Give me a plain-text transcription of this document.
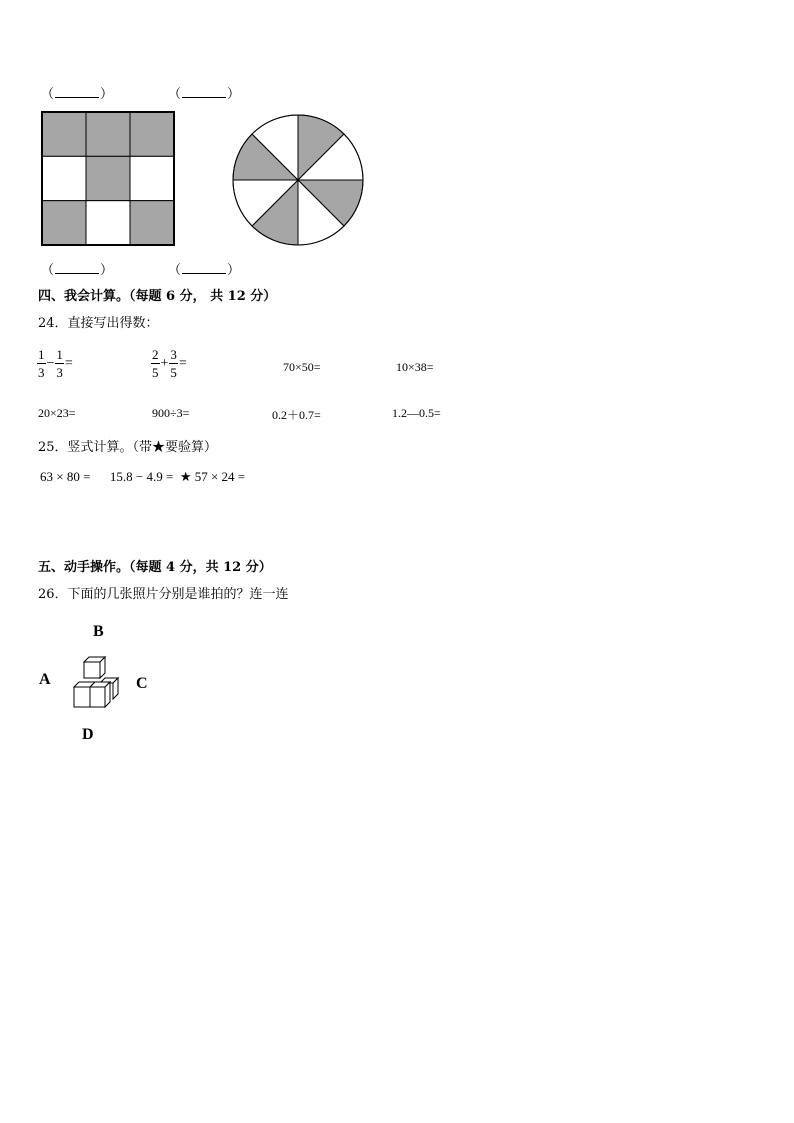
（	）	（	）
（	）	（	）
四、我会计算。（每题 6 分， 共 12 分）
24．直接写出得数：
$\frac{1}{3} - \frac{1}{3}$ =	$\frac{2}{5} + \frac{3}{5}$ =	70×50=	10×38=
20×23=	900÷3=	0.2＋0.7=	1.2—0.5=
25．竖式计算。（带★要验算）
63 × 80 =      15.8 − 4.9 =  ★ 57 × 24 =
五、动手操作。（每题 4 分，共 12 分）
26．下面的几张照片分别是谁拍的？连一连
B
A	C
D
